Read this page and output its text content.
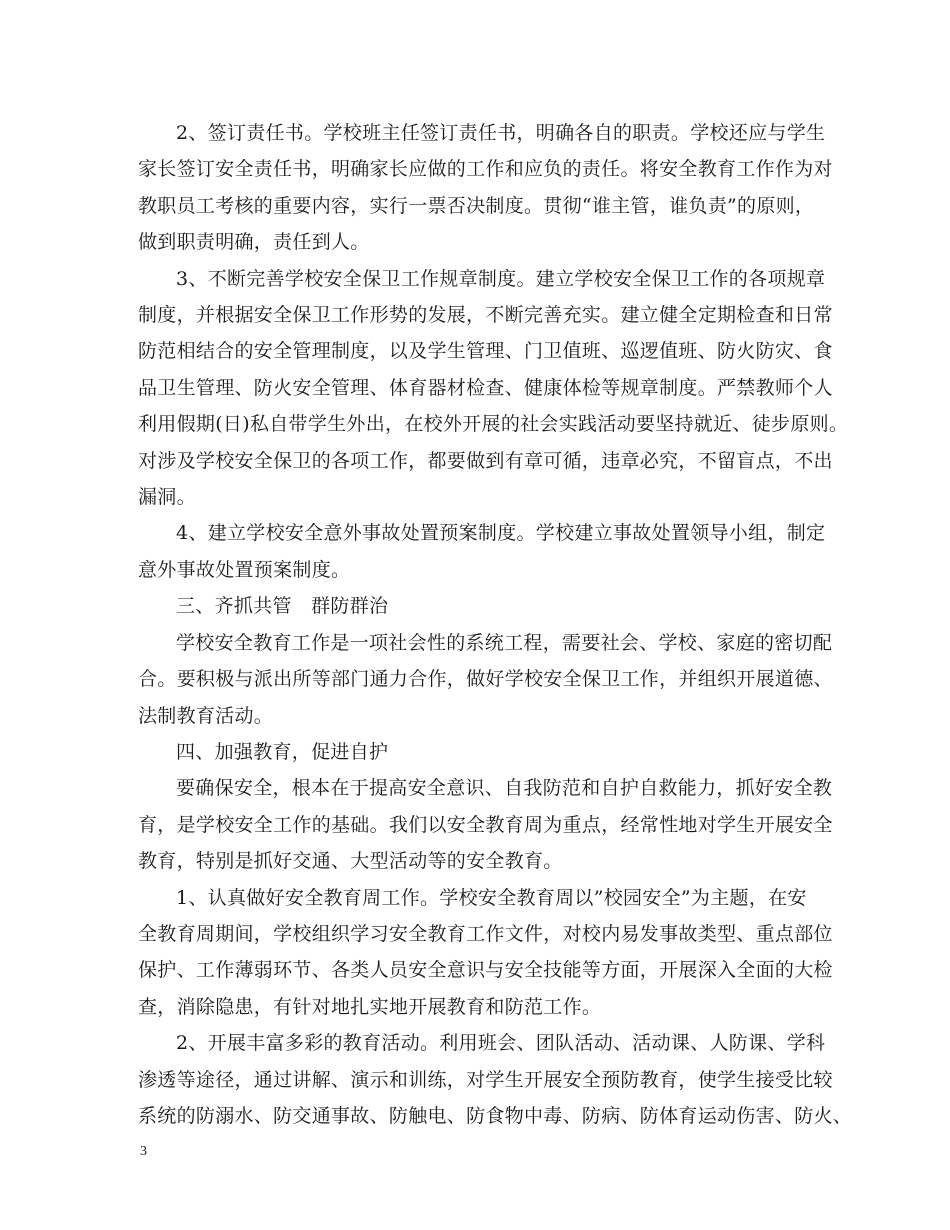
2、签订责任书。学校班主任签订责任书，明确各自的职责。学校还应与学生
家长签订安全责任书，明确家长应做的工作和应负的责任。将安全教育工作作为对
教职员工考核的重要内容，实行一票否决制度。贯彻“谁主管，谁负责”的原则，
做到职责明确，责任到人。
3、不断完善学校安全保卫工作规章制度。建立学校安全保卫工作的各项规章
制度，并根据安全保卫工作形势的发展，不断完善充实。建立健全定期检查和日常
防范相结合的安全管理制度，以及学生管理、门卫值班、巡逻值班、防火防灾、食
品卫生管理、防火安全管理、体育器材检查、健康体检等规章制度。严禁教师个人
利用假期(日)私自带学生外出，在校外开展的社会实践活动要坚持就近、徒步原则。
对涉及学校安全保卫的各项工作，都要做到有章可循，违章必究，不留盲点，不出
漏洞。
4、建立学校安全意外事故处置预案制度。学校建立事故处置领导小组，制定
意外事故处置预案制度。
三、齐抓共管　群防群治
学校安全教育工作是一项社会性的系统工程，需要社会、学校、家庭的密切配
合。要积极与派出所等部门通力合作，做好学校安全保卫工作，并组织开展道德、
法制教育活动。
四、加强教育，促进自护
要确保安全，根本在于提高安全意识、自我防范和自护自救能力，抓好安全教
育，是学校安全工作的基础。我们以安全教育周为重点，经常性地对学生开展安全
教育，特别是抓好交通、大型活动等的安全教育。
1、认真做好安全教育周工作。学校安全教育周以”校园安全”为主题，在安
全教育周期间，学校组织学习安全教育工作文件，对校内易发事故类型、重点部位
保护、工作薄弱环节、各类人员安全意识与安全技能等方面，开展深入全面的大检
查，消除隐患，有针对地扎实地开展教育和防范工作。
2、开展丰富多彩的教育活动。利用班会、团队活动、活动课、人防课、学科
渗透等途径，通过讲解、演示和训练，对学生开展安全预防教育，使学生接受比较
系统的防溺水、防交通事故、防触电、防食物中毒、防病、防体育运动伤害、防火、
3
